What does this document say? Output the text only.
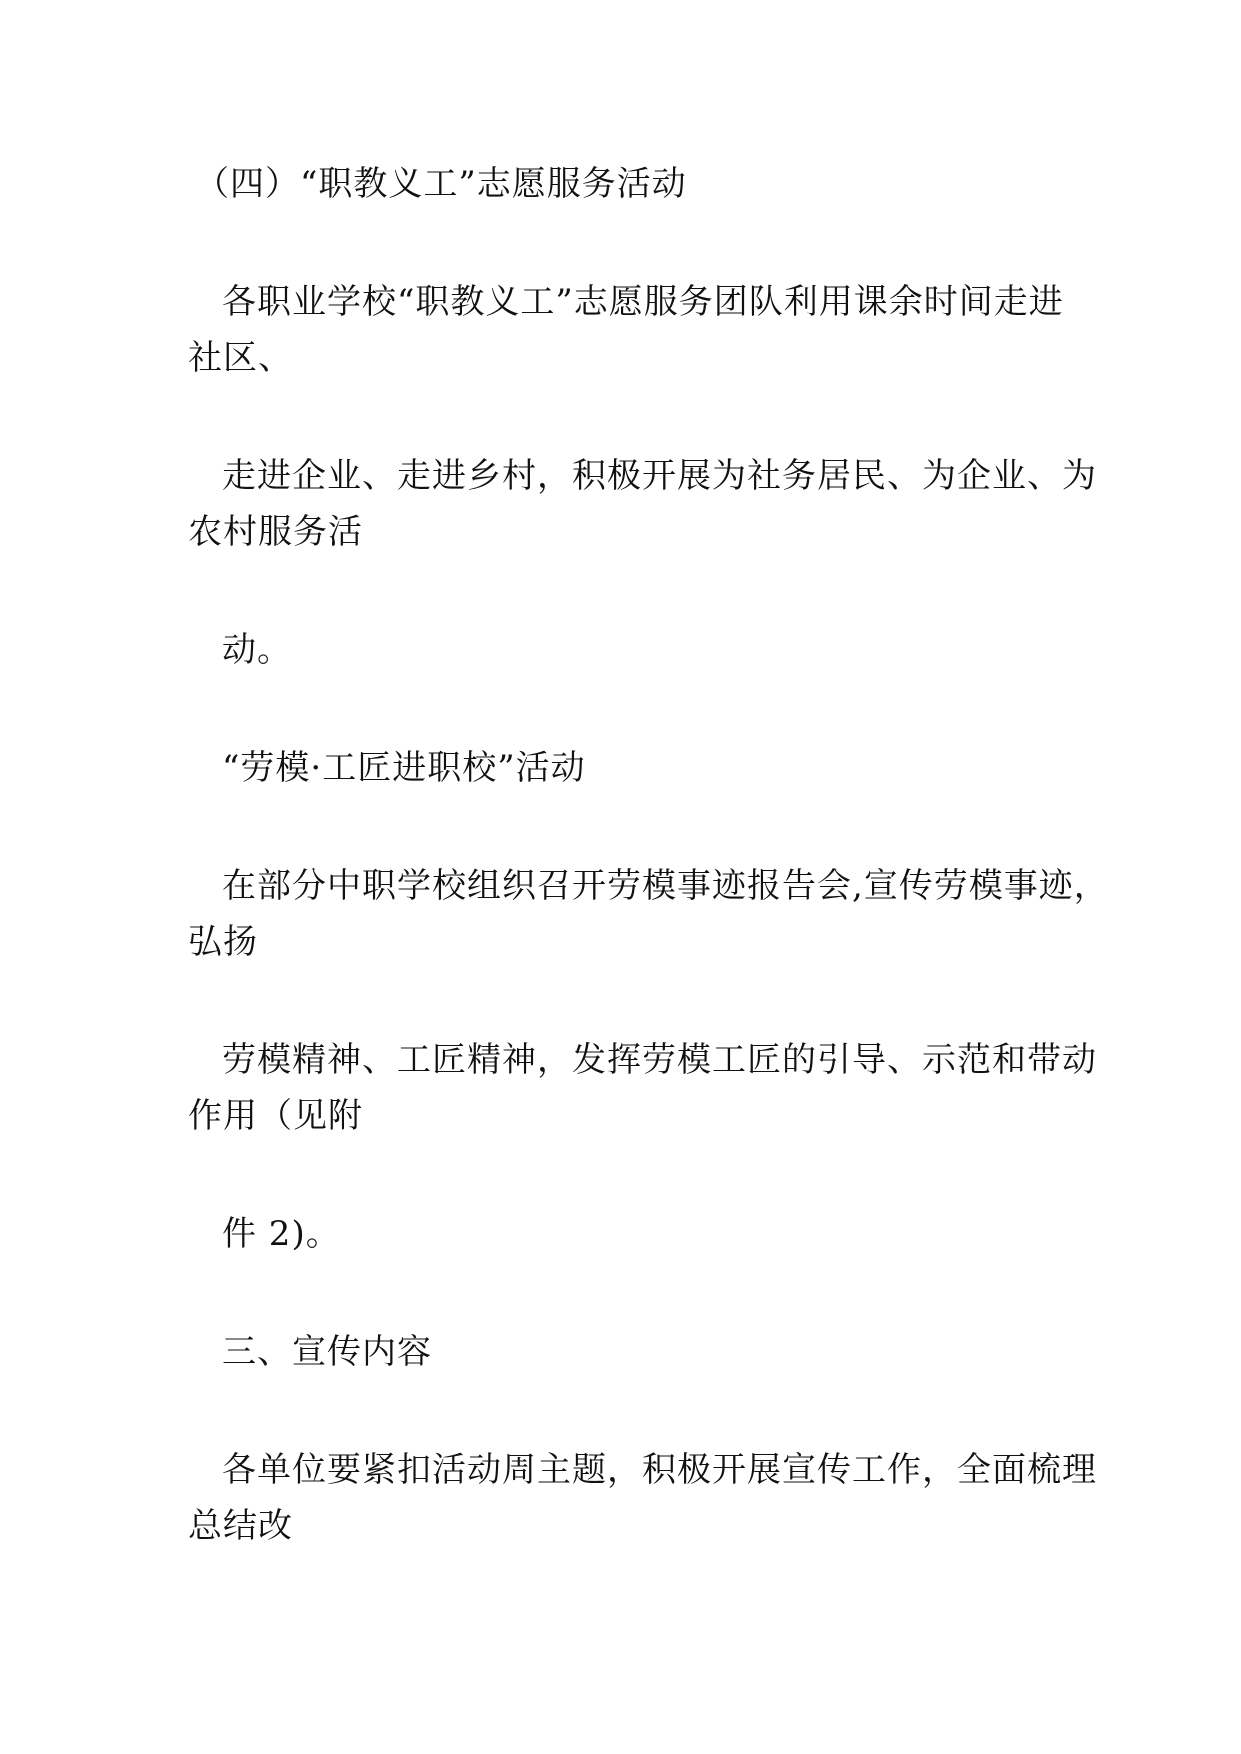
（四）“职教义工”志愿服务活动
各职业学校“职教义工”志愿服务团队利用课余时间走进
社区、
走进企业、走进乡村，积极开展为社务居民、为企业、为
农村服务活
动。
“劳模·工匠进职校”活动
在部分中职学校组织召开劳模事迹报告会,宣传劳模事迹，
弘扬
劳模精神、工匠精神，发挥劳模工匠的引导、示范和带动
作用（见附
件 2)。
三、宣传内容
各单位要紧扣活动周主题，积极开展宣传工作，全面梳理
总结改
